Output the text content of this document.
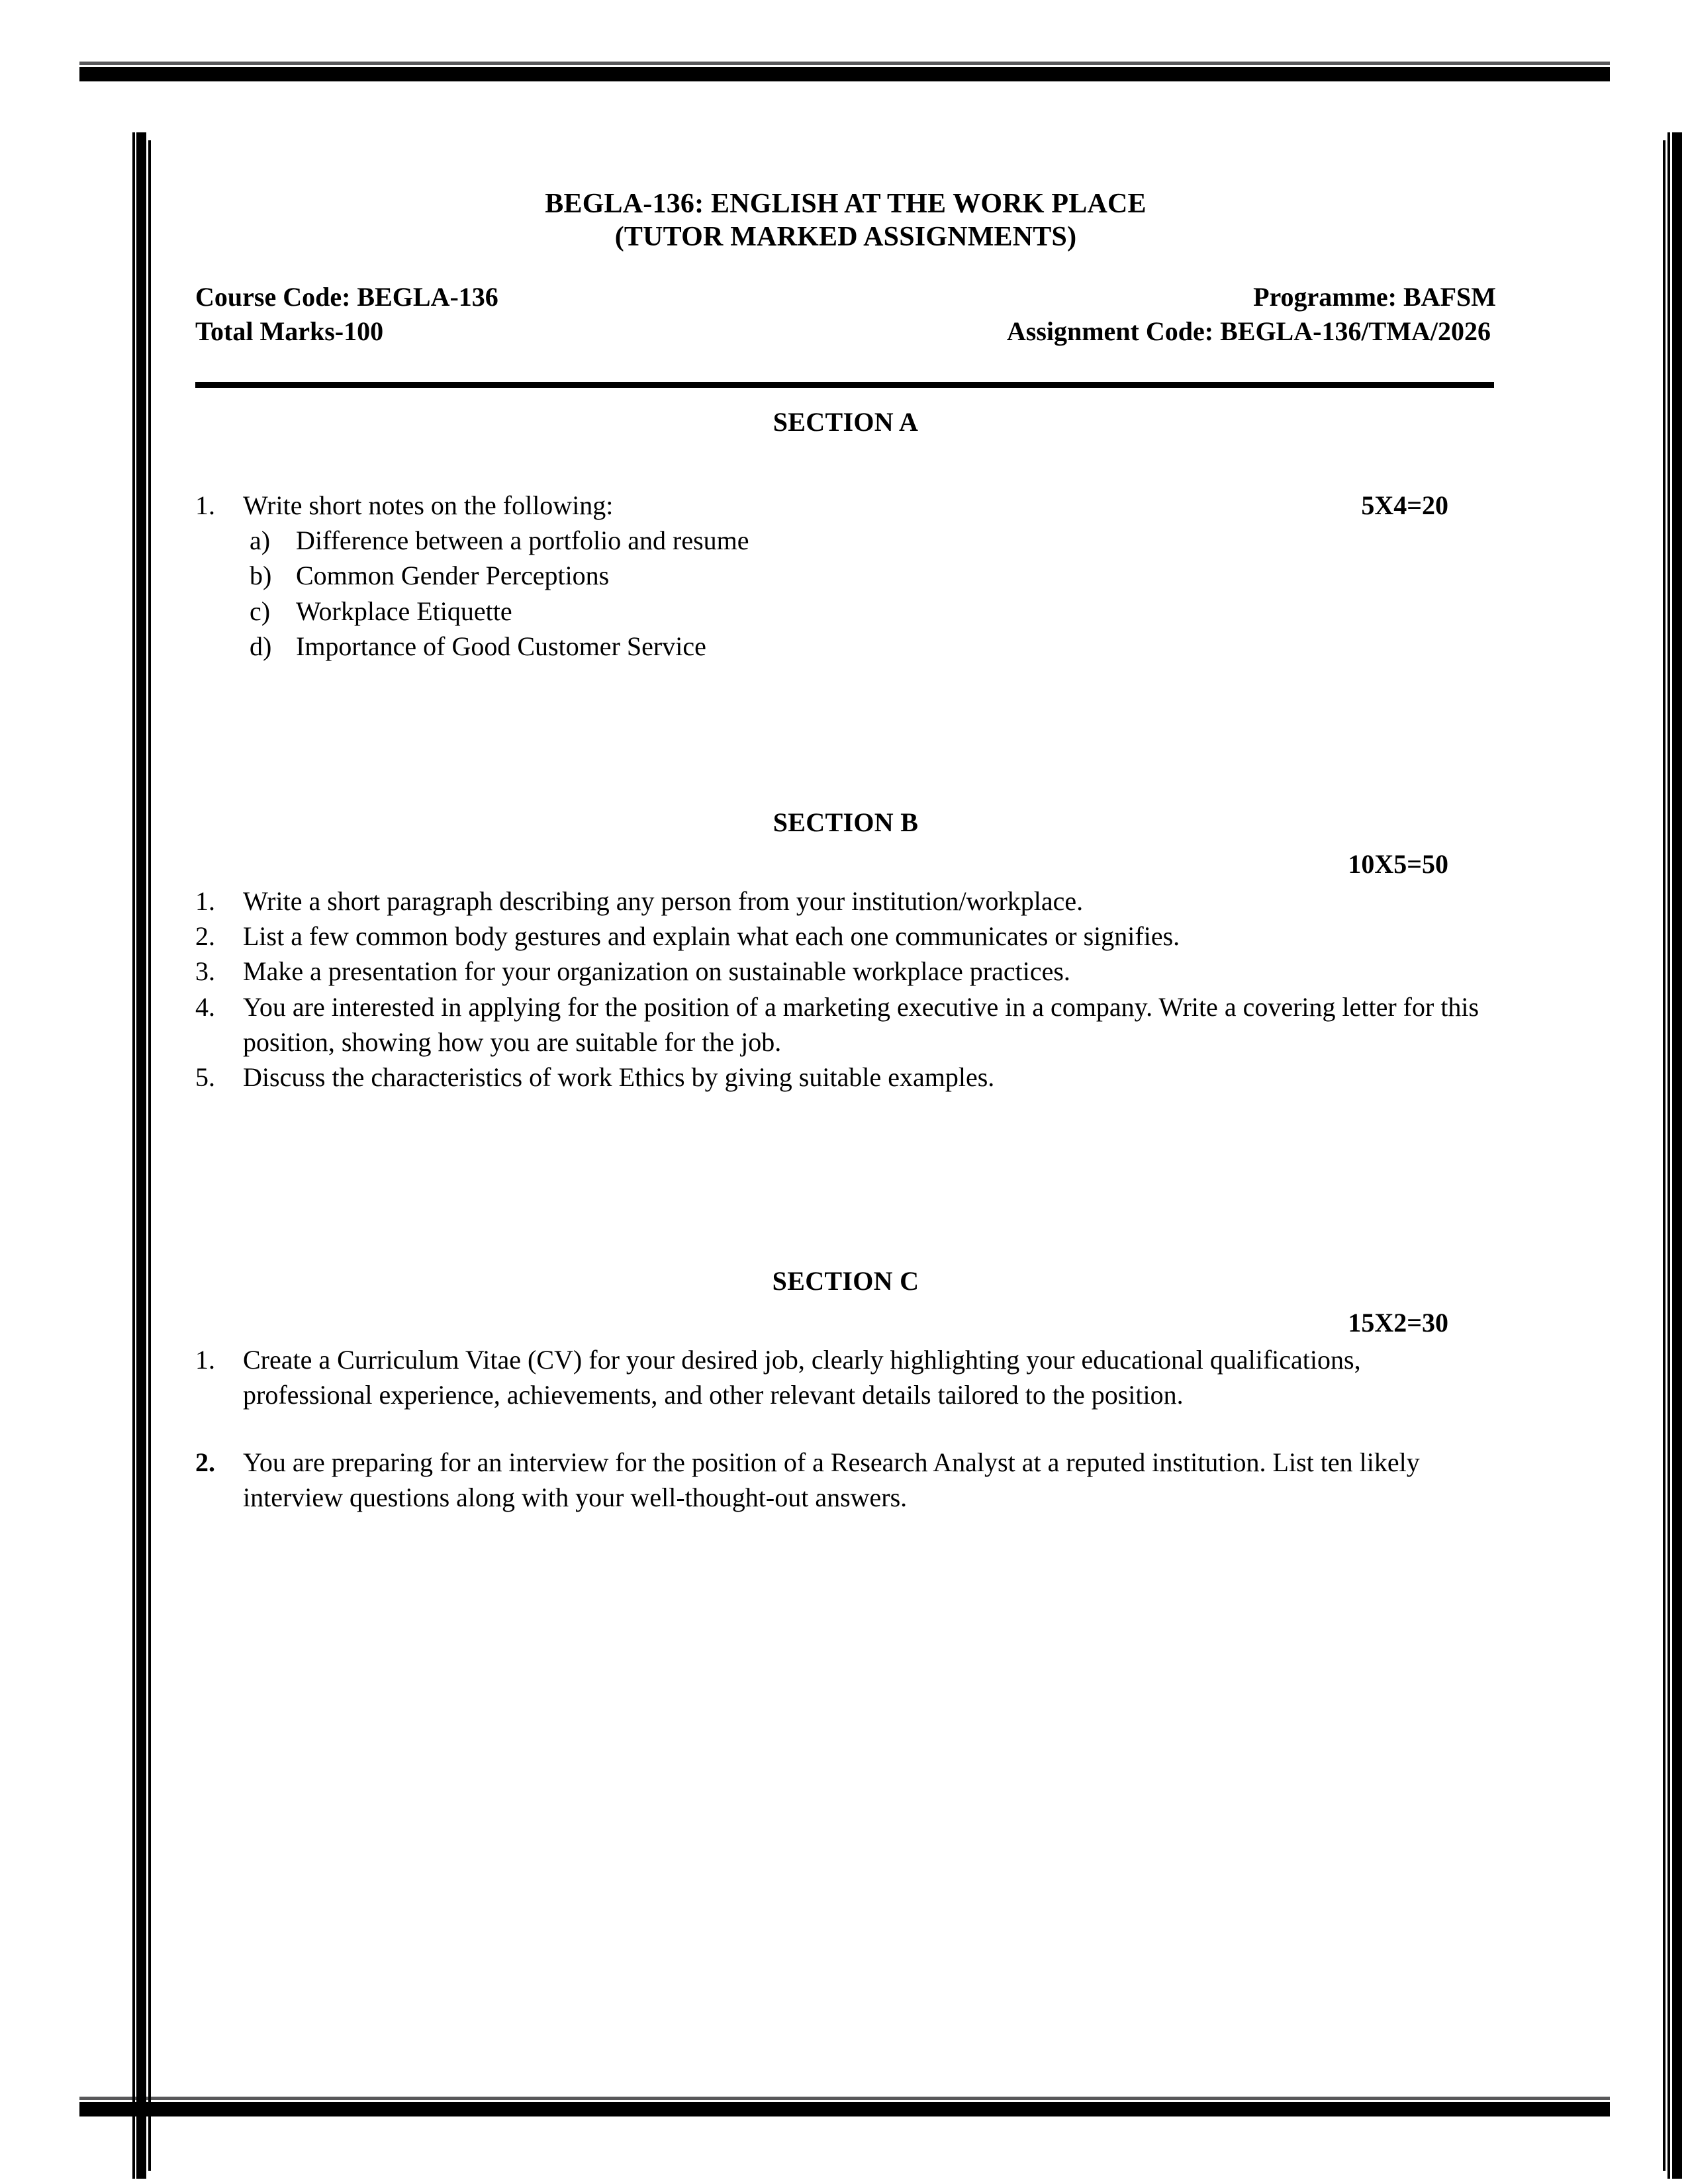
BEGLA-136: ENGLISH AT THE WORK PLACE
(TUTOR MARKED ASSIGNMENTS)
Course Code: BEGLA-136	Programme: BAFSM
Total Marks-100	Assignment Code: BEGLA-136/TMA/2026
SECTION A
1.	Write short notes on the following:	5X4=20
a) Difference between a portfolio and resume
b) Common Gender Perceptions
c) Workplace Etiquette
d) Importance of Good Customer Service
SECTION B
10X5=50
1.	Write a short paragraph describing any person from your institution/workplace.
2.	List a few common body gestures and explain what each one communicates or signifies.
3.	Make a presentation for your organization on sustainable workplace practices.
4.	You are interested in applying for the position of a marketing executive in a company. Write a covering letter for this position, showing how you are suitable for the job.
5.	Discuss the characteristics of work Ethics by giving suitable examples.
SECTION C
15X2=30
1.	Create a Curriculum Vitae (CV) for your desired job, clearly highlighting your educational qualifications, professional experience, achievements, and other relevant details tailored to the position.
2.	You are preparing for an interview for the position of a Research Analyst at a reputed institution. List ten likely interview questions along with your well-thought-out answers.
